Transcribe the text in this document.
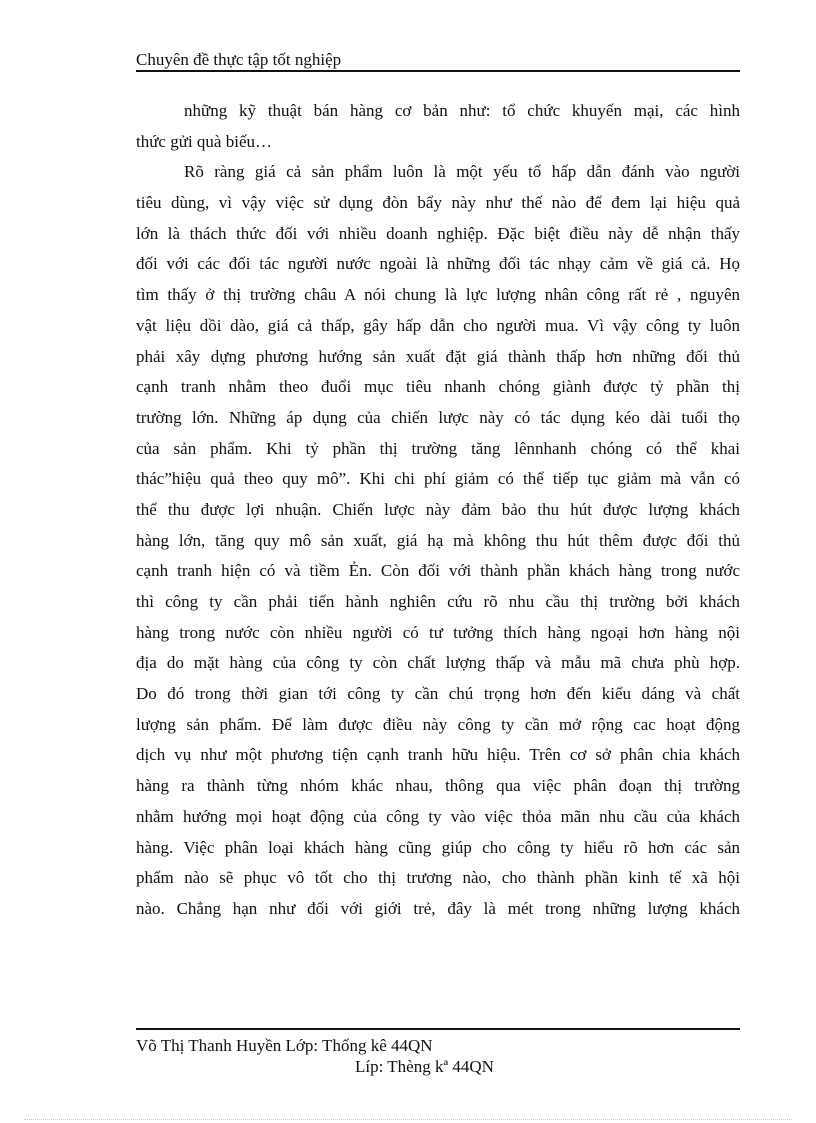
Chuyên đề thực tập tốt nghiệp
những kỹ thuật bán hàng cơ bản như: tổ chức khuyến mại, các hình
thức gửi quà biếu…
Rõ ràng giá cả sản phẩm luôn là một yếu tố hấp dẫn đánh vào người
tiêu dùng, vì vậy việc sử dụng đòn bẩy này như thế nào để đem lại hiệu quả
lớn là thách thức đối với nhiều doanh nghiệp. Đặc biệt điều này dễ nhận thấy
đối với các đối tác người nước ngoài là những đối tác nhạy cảm về giá cả. Họ
tìm thấy ở thị trường châu A nói chung là lực lượng nhân công rất rẻ , nguyên
vật liệu dồi dào, giá cả thấp, gây hấp dẫn cho người mua. Vì vậy công ty luôn
phải xây dựng phương hướng sản xuất đặt giá thành thấp hơn những đối thủ
cạnh tranh nhằm theo đuổi mục tiêu nhanh chóng giành được tỷ phần thị
trường lớn. Những áp dụng của chiến lược này có tác dụng kéo dài tuổi thọ
của sản phẩm. Khi tỷ phần thị trường tăng lênnhanh chóng có thể khai
thác”hiệu quả theo quy mô”. Khi chi phí giảm có thể tiếp tục giảm mà vẫn có
thể thu được lợi nhuận. Chiến lược này đảm bảo thu hút được lượng khách
hàng lớn, tăng quy mô sản xuất, giá hạ mà không thu hút thêm được đối thủ
cạnh tranh hiện có và tiềm Ẻn. Còn đối với thành phần khách hàng trong nước
thì công ty cần phải tiến hành nghiên cứu rõ nhu cầu thị trường bởi khách
hàng trong nước còn nhiều người có tư tưởng thích hàng ngoại hơn hàng nội
địa do mặt hàng của công ty còn chất lượng thấp và mẫu mã chưa phù hợp.
Do đó trong thời gian tới công ty cần chú trọng hơn đến kiểu dáng và chất
lượng sản phẩm. Để làm được điều này công ty cần mở rộng cac hoạt động
dịch vụ như một phương tiện cạnh tranh hữu hiệu. Trên cơ sở phân chia khách
hàng ra thành từng nhóm khác nhau, thông qua việc phân đoạn thị trường
nhằm hướng mọi hoạt động của công ty vào việc thỏa mãn nhu cầu của khách
hàng. Việc phân loại khách hàng cũng giúp cho công ty hiểu rõ hơn các sản
phẩm nào sẽ phục vô tốt cho thị trương nào, cho thành phần kinh tế xã hội
nào. Chẳng hạn như đối với giới trẻ, đây là mét trong những lượng khách
Võ Thị Thanh Huyền Lớp: Thống kê 44QN
Líp: Thèng kª 44QN
